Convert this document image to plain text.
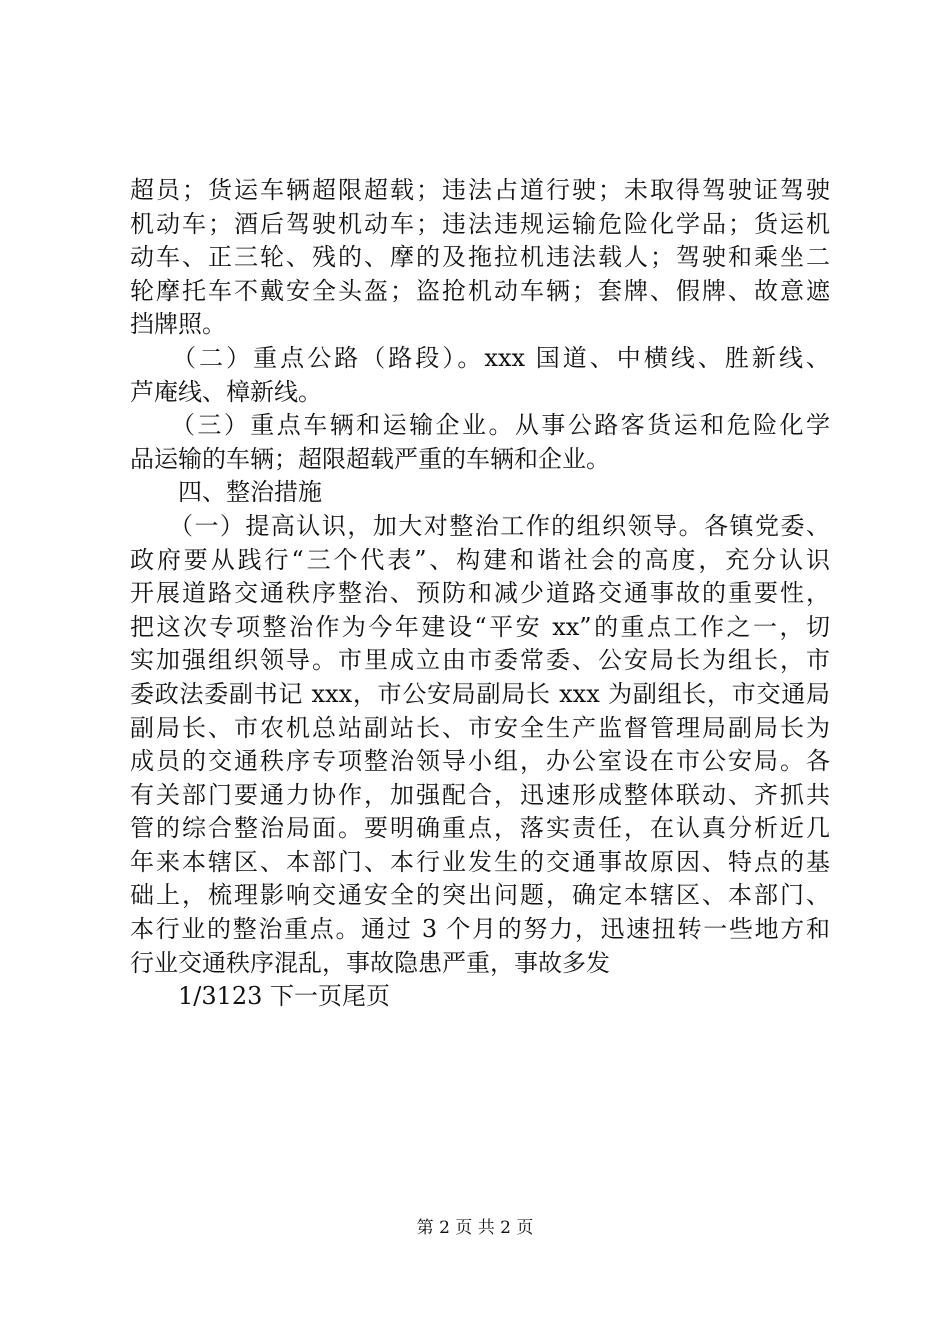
超员；货运车辆超限超载；违法占道行驶；未取得驾驶证驾驶
机动车；酒后驾驶机动车；违法违规运输危险化学品；货运机
动车、正三轮、残的、摩的及拖拉机违法载人；驾驶和乘坐二
轮摩托车不戴安全头盔；盗抢机动车辆；套牌、假牌、故意遮
挡牌照。
　　（二）重点公路（路段）。xxx 国道、中横线、胜新线、
芦庵线、樟新线。
　　（三）重点车辆和运输企业。从事公路客货运和危险化学
品运输的车辆；超限超载严重的车辆和企业。
　　四、整治措施
　　（一）提高认识，加大对整治工作的组织领导。各镇党委、
政府要从践行“三个代表”、构建和谐社会的高度，充分认识
开展道路交通秩序整治、预防和减少道路交通事故的重要性，
把这次专项整治作为今年建设“平安 xx”的重点工作之一，切
实加强组织领导。市里成立由市委常委、公安局长为组长，市
委政法委副书记 xxx，市公安局副局长 xxx 为副组长，市交通局
副局长、市农机总站副站长、市安全生产监督管理局副局长为
成员的交通秩序专项整治领导小组，办公室设在市公安局。各
有关部门要通力协作，加强配合，迅速形成整体联动、齐抓共
管的综合整治局面。要明确重点，落实责任，在认真分析近几
年来本辖区、本部门、本行业发生的交通事故原因、特点的基
础上，梳理影响交通安全的突出问题，确定本辖区、本部门、
本行业的整治重点。通过 3 个月的努力，迅速扭转一些地方和
行业交通秩序混乱，事故隐患严重，事故多发
　　1/3123 下一页尾页
第 2 页 共 2 页
